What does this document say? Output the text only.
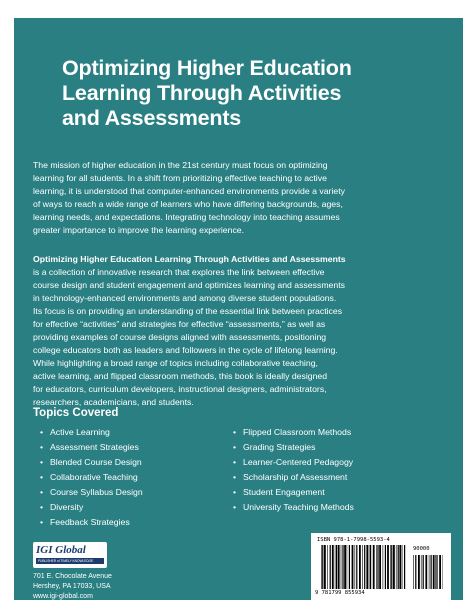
Optimizing Higher Education
Learning Through Activities
and Assessments
The mission of higher education in the 21st century must focus on optimizing
learning for all students. In a shift from prioritizing effective teaching to active
learning, it is understood that computer-enhanced environments provide a variety
of ways to reach a wide range of learners who have differing backgrounds, ages,
learning needs, and expectations. Integrating technology into teaching assumes
greater importance to improve the learning experience.
Optimizing Higher Education Learning Through Activities and Assessments
is a collection of innovative research that explores the link between effective
course design and student engagement and optimizes learning and assessments
in technology-enhanced environments and among diverse student populations.
Its focus is on providing an understanding of the essential link between practices
for effective “activities” and strategies for effective “assessments,” as well as
providing examples of course designs aligned with assessments, positioning
college educators both as leaders and followers in the cycle of lifelong learning.
While highlighting a broad range of topics including collaborative teaching,
active learning, and flipped classroom methods, this book is ideally designed
for educators, curriculum developers, instructional designers, administrators,
researchers, academicians, and students.
Topics Covered
• Active Learning
• Assessment Strategies
• Blended Course Design
• Collaborative Teaching
• Course Syllabus Design
• Diversity
• Feedback Strategies
• Flipped Classroom Methods
• Grading Strategies
• Learner-Centered Pedagogy
• Scholarship of Assessment
• Student Engagement
• University Teaching Methods
IGI Global
PUBLISHER of TIMELY KNOWLEDGE
701 E. Chocolate Avenue
Hershey, PA 17033, USA
www.igi-global.com
ISBN 978-1-7998-5593-4
90000
9 781799 855934
